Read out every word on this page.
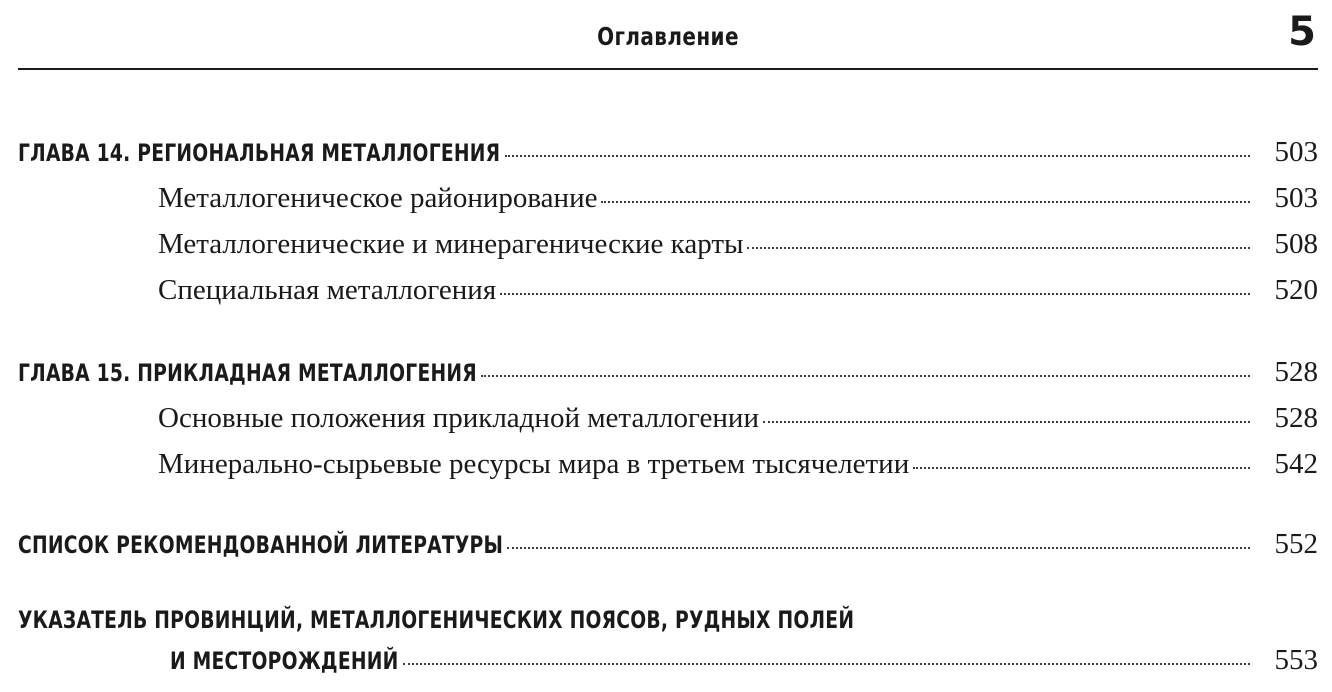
Оглавление	5
ГЛАВА 14. РЕГИОНАЛЬНАЯ МЕТАЛЛОГЕНИЯ	503
Металлогеническое районирование	503
Металлогенические и минерагенические карты	508
Специальная металлогения	520
ГЛАВА 15. ПРИКЛАДНАЯ МЕТАЛЛОГЕНИЯ	528
Основные положения прикладной металлогении	528
Минерально-сырьевые ресурсы мира в третьем тысячелетии	542
СПИСОК РЕКОМЕНДОВАННОЙ ЛИТЕРАТУРЫ	552
УКАЗАТЕЛЬ ПРОВИНЦИЙ, МЕТАЛЛОГЕНИЧЕСКИХ ПОЯСОВ, РУДНЫХ ПОЛЕЙ
И МЕСТОРОЖДЕНИЙ	553
